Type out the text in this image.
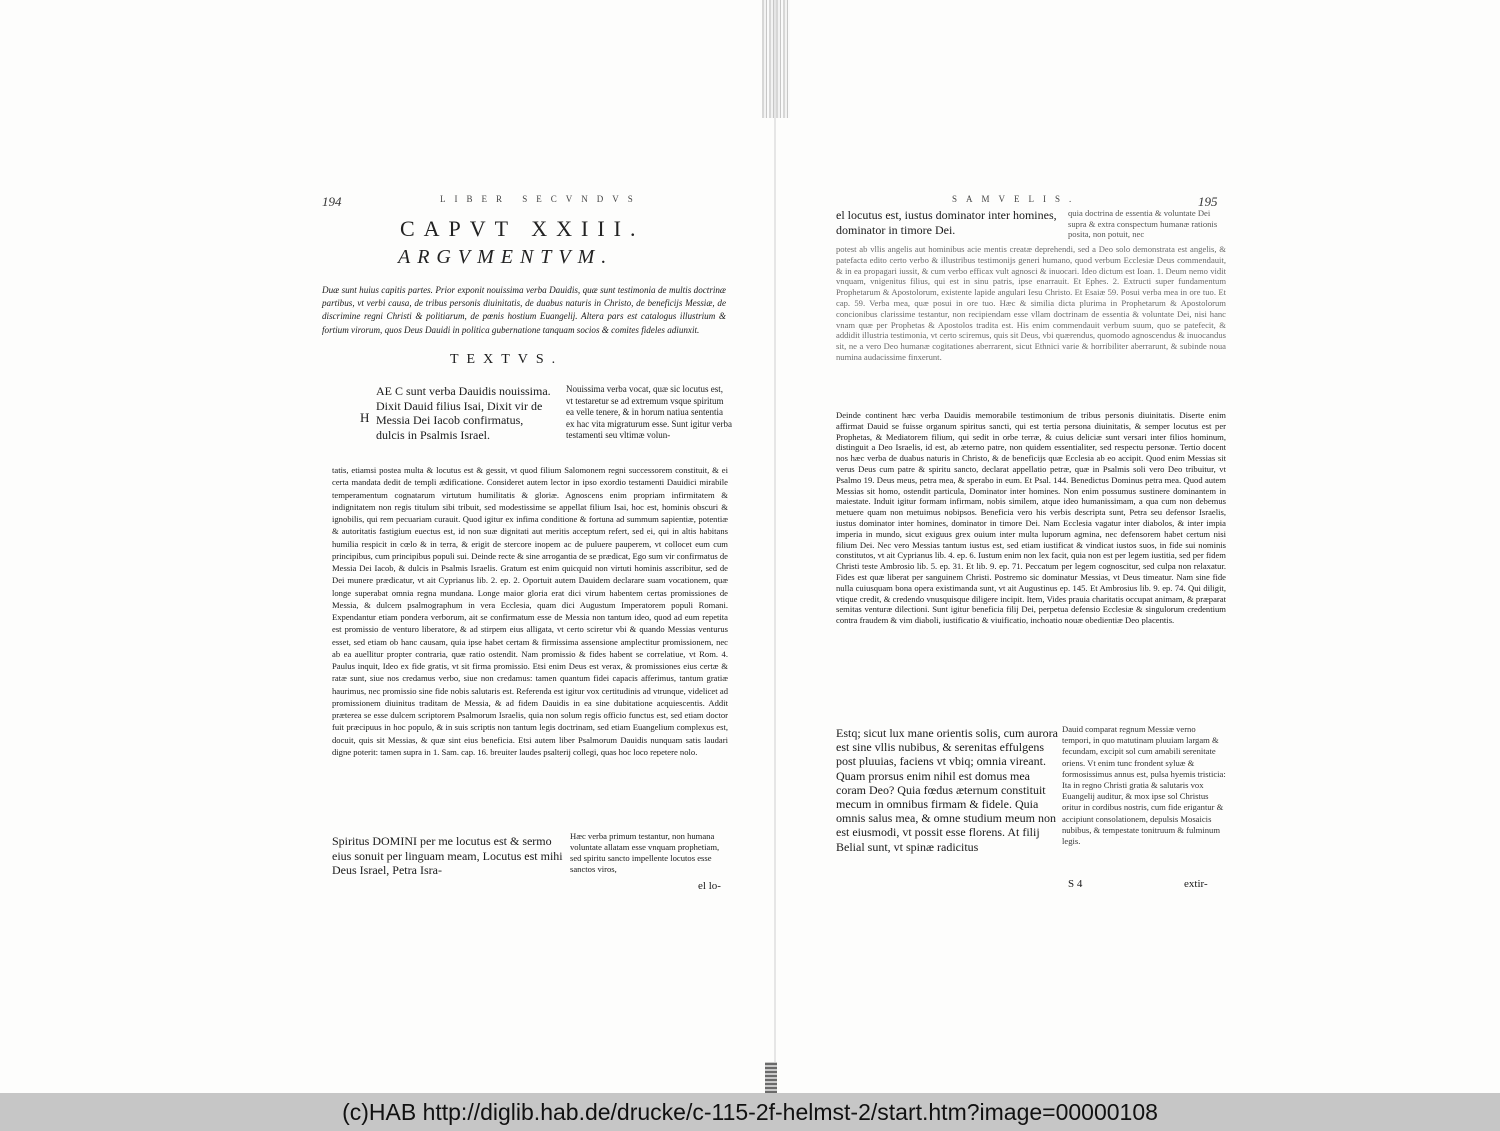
194	LIBER SECVNDVS
CAPVT XXIII.
ARGVMENTVM.
Duæ sunt huius capitis partes. Prior exponit nouissima verba Dauidis, quæ sunt testimonia de multis doctrinæ partibus, vt verbi causa, de tribus personis diuinitatis, de duabus naturis in Christo, de beneficijs Messiæ, de discrimine regni Christi & politiarum, de pœnis hostium Euangelij. Altera pars est catalogus illustrium & fortium virorum, quos Deus Dauidi in politica gubernatione tanquam socios & comites fideles adiunxit.
TEXTVS.
H
AE C sunt verba Dauidis nouissima. Dixit Dauid filius Isai, Dixit vir de Messia Dei Iacob confirmatus, dulcis in Psalmis Israel.
Nouissima verba vocat, quæ sic locutus est, vt testaretur se ad extremum vsque spiritum ea velle tenere, & in horum natiua sententia ex hac vita migraturum esse. Sunt igitur verba testamenti seu vltimæ volun-
tatis, etiamsi postea multa & locutus est & gessit, vt quod filium Salomonem regni successorem constituit, & ei certa mandata dedit de templi ædificatione. Consideret autem lector in ipso exordio testamenti Dauidici mirabile temperamentum cognatarum virtutum humilitatis & gloriæ. Agnoscens enim propriam infirmitatem & indignitatem non regis titulum sibi tribuit, sed modestissime se appellat filium Isai, hoc est, hominis obscuri & ignobilis, qui rem pecuariam curauit. Quod igitur ex infima conditione & fortuna ad summum sapientiæ, potentiæ & autoritatis fastigium euectus est, id non suæ dignitati aut meritis acceptum refert, sed ei, qui in altis habitans humilia respicit in cœlo & in terra, & erigit de stercore inopem ac de puluere pauperem, vt collocet eum cum principibus, cum principibus populi sui. Deinde recte & sine arrogantia de se prædicat, Ego sum vir confirmatus de Messia Dei Iacob, & dulcis in Psalmis Israelis. Gratum est enim quicquid non virtuti hominis asscribitur, sed de Dei munere prædicatur, vt ait Cyprianus lib. 2. ep. 2. Oportuit autem Dauidem declarare suam vocationem, quæ longe superabat omnia regna mundana. Longe maior gloria erat dici virum habentem certas promissiones de Messia, & dulcem psalmographum in vera Ecclesia, quam dici Augustum Imperatorem populi Romani. Expendantur etiam pondera verborum, ait se confirmatum esse de Messia non tantum ideo, quod ad eum repetita est promissio de venturo liberatore, & ad stirpem eius alligata, vt certo sciretur vbi & quando Messias venturus esset, sed etiam ob hanc causam, quia ipse habet certam & firmissima assensione amplectitur promissionem, nec ab ea auellitur propter contraria, quæ ratio ostendit. Nam promissio & fides habent se correlatiue, vt Rom. 4. Paulus inquit, Ideo ex fide gratis, vt sit firma promissio. Etsi enim Deus est verax, & promissiones eius certæ & ratæ sunt, siue nos credamus verbo, siue non credamus: tamen quantum fidei capacis afferimus, tantum gratiæ haurimus, nec promissio sine fide nobis salutaris est. Referenda est igitur vox certitudinis ad vtrunque, videlicet ad promissionem diuinitus traditam de Messia, & ad fidem Dauidis in ea sine dubitatione acquiescentis. Addit præterea se esse dulcem scriptorem Psalmorum Israelis, quia non solum regis officio functus est, sed etiam doctor fuit præcipuus in hoc populo, & in suis scriptis non tantum legis doctrinam, sed etiam Euangelium complexus est, docuit, quis sit Messias, & quæ sint eius beneficia. Etsi autem liber Psalmorum Dauidis nunquam satis laudari digne poterit: tamen supra in 1. Sam. cap. 16. breuiter laudes psalterij collegi, quas hoc loco repetere nolo.
Spiritus DOMINI per me locutus est & sermo eius sonuit per linguam meam, Locutus est mihi Deus Israel, Petra Isra-
Hæc verba primum testantur, non humana voluntate allatam esse vnquam prophetiam, sed spiritu sancto impellente locutos esse sanctos viros,
el lo-
SAMVELIS.	195
el locutus est, iustus dominator inter homines, dominator in timore Dei.
quia doctrina de essentia & voluntate Dei supra & extra conspectum humanæ rationis posita, non potuit, nec
potest ab vllis angelis aut hominibus acie mentis creatæ deprehendi, sed a Deo solo demonstrata est angelis, & patefacta edito certo verbo & illustribus testimonijs generi humano, quod verbum Ecclesiæ Deus commendauit, & in ea propagari iussit, & cum verbo efficax vult agnosci & inuocari. Ideo dictum est Ioan. 1. Deum nemo vidit vnquam, vnigenitus filius, qui est in sinu patris, ipse enarrauit. Et Ephes. 2. Extructi super fundamentum Prophetarum & Apostolorum, existente lapide angulari Iesu Christo. Et Esaiæ 59. Posui verba mea in ore tuo. Et cap. 59. Verba mea, quæ posui in ore tuo. Hæc & similia dicta plurima in Prophetarum & Apostolorum concionibus clarissime testantur, non recipiendam esse vllam doctrinam de essentia & voluntate Dei, nisi hanc vnam quæ per Prophetas & Apostolos tradita est. His enim commendauit verbum suum, quo se patefecit, & addidit illustria testimonia, vt certo sciremus, quis sit Deus, vbi quærendus, quomodo agnoscendus & inuocandus sit, ne a vero Deo humanæ cogitationes aberrarent, sicut Ethnici varie & horribiliter aberrarunt, & subinde noua numina audacissime finxerunt.
Deinde continent hæc verba Dauidis memorabile testimonium de tribus personis diuinitatis. Diserte enim affirmat Dauid se fuisse organum spiritus sancti, qui est tertia persona diuinitatis, & semper locutus est per Prophetas, & Mediatorem filium, qui sedit in orbe terræ, & cuius deliciæ sunt versari inter filios hominum, distinguit a Deo Israelis, id est, ab æterno patre, non quidem essentialiter, sed respectu personæ. Tertio docent nos hæc verba de duabus naturis in Christo, & de beneficijs quæ Ecclesia ab eo accipit. Quod enim Messias sit verus Deus cum patre & spiritu sancto, declarat appellatio petræ, quæ in Psalmis soli vero Deo tribuitur, vt Psalmo 19. Deus meus, petra mea, & sperabo in eum. Et Psal. 144. Benedictus Dominus petra mea. Quod autem Messias sit homo, ostendit particula, Dominator inter homines. Non enim possumus sustinere dominantem in maiestate. Induit igitur formam infirmam, nobis similem, atque ideo humanissimam, a qua cum non debemus metuere quam non metuimus nobipsos. Beneficia vero his verbis descripta sunt, Petra seu defensor Israelis, iustus dominator inter homines, dominator in timore Dei. Nam Ecclesia vagatur inter diabolos, & inter impia imperia in mundo, sicut exiguus grex ouium inter multa luporum agmina, nec defensorem habet certum nisi filium Dei. Nec vero Messias tantum iustus est, sed etiam iustificat & vindicat iustos suos, in fide sui nominis constitutos, vt ait Cyprianus lib. 4. ep. 6. Iustum enim non lex facit, quia non est per legem iustitia, sed per fidem Christi teste Ambrosio lib. 5. ep. 31. Et lib. 9. ep. 71. Peccatum per legem cognoscitur, sed culpa non relaxatur. Fides est quæ liberat per sanguinem Christi. Postremo sic dominatur Messias, vt Deus timeatur. Nam sine fide nulla cuiusquam bona opera existimanda sunt, vt ait Augustinus ep. 145. Et Ambrosius lib. 9. ep. 74. Qui diligit, vtique credit, & credendo vnusquisque diligere incipit. Item, Vides prauia charitatis occupat animam, & præparat semitas venturæ dilectioni. Sunt igitur beneficia filij Dei, perpetua defensio Ecclesiæ & singulorum credentium contra fraudem & vim diaboli, iustificatio & viuificatio, inchoatio nouæ obedientiæ Deo placentis.
Estq; sicut lux mane orientis solis, cum aurora est sine vllis nubibus, & serenitas effulgens post pluuias, faciens vt vbiq; omnia vireant. Quam prorsus enim nihil est domus mea coram Deo? Quia fœdus æternum constituit mecum in omnibus firmam & fidele. Quia omnis salus mea, & omne studium meum non est eiusmodi, vt possit esse florens. At filij Belial sunt, vt spinæ radicitus
Dauid comparat regnum Messiæ verno tempori, in quo matutinam pluuiam largam & fecundam, excipit sol cum amabili serenitate oriens. Vt enim tunc frondent syluæ & formosissimus annus est, pulsa hyemis tristicia: Ita in regno Christi gratia & salutaris vox Euangelij auditur, & mox ipse sol Christus oritur in cordibus nostris, cum fide erigantur & accipiunt consolationem, depulsis Mosaicis nubibus, & tempestate tonitruum & fulminum legis.
S 4	extir-
(c)HAB http://diglib.hab.de/drucke/c-115-2f-helmst-2/start.htm?image=00000108
